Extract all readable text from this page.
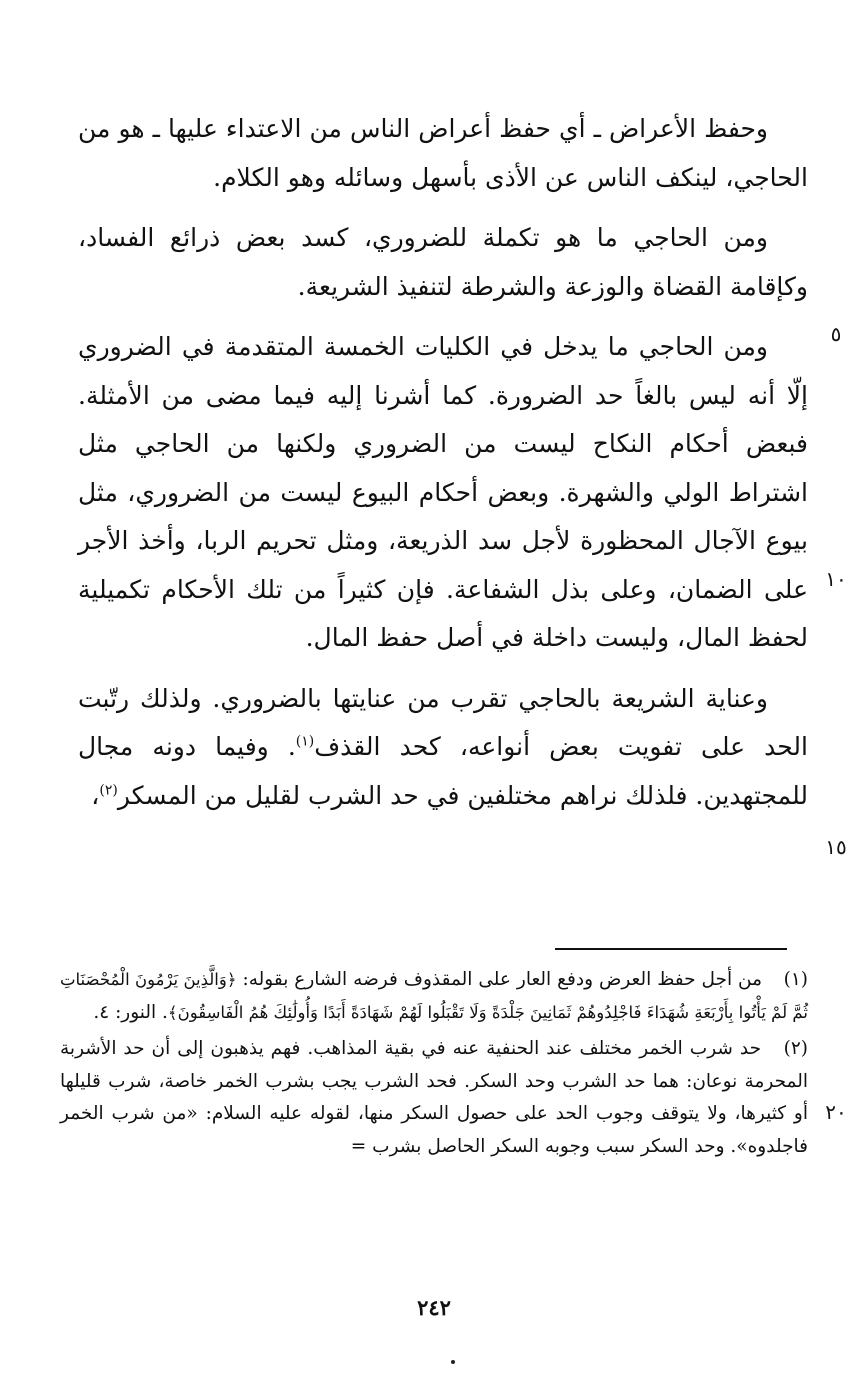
وحفظ الأعراض ـ أي حفظ أعراض الناس من الاعتداء عليها ـ هو من الحاجي، لينكف الناس عن الأذى بأسهل وسائله وهو الكلام.

ومن الحاجي ما هو تكملة للضروري، كسد بعض ذرائع الفساد، وكإقامة القضاة والوزعة والشرطة لتنفيذ الشريعة.

ومن الحاجي ما يدخل في الكليات الخمسة المتقدمة في الضروري إلّا أنه ليس بالغاً حد الضرورة. كما أشرنا إليه فيما مضى من الأمثلة. فبعض أحكام النكاح ليست من الضروري ولكنها من الحاجي مثل اشتراط الولي والشهرة. وبعض أحكام البيوع ليست من الضروري، مثل بيوع الآجال المحظورة لأجل سد الذريعة، ومثل تحريم الربا، وأخذ الأجر على الضمان، وعلى بذل الشفاعة. فإن كثيراً من تلك الأحكام تكميلية لحفظ المال، وليست داخلة في أصل حفظ المال.

وعناية الشريعة بالحاجي تقرب من عنايتها بالضروري. ولذلك رتّبت الحد على تفويت بعض أنواعه، كحد القذف$^{(١)}$. وفيما دونه مجال للمجتهدين. فلذلك نراهم مختلفين في حد الشرب لقليل من المسكر$^{(٢)}$،

٥
١٠
١٥
٢٠

(١) من أجل حفظ العرض ودفع العار على المقذوف فرضه الشارع بقوله: ﴿وَالَّذِينَ يَرْمُونَ الْمُحْصَنَاتِ ثُمَّ لَمْ يَأْتُوا بِأَرْبَعَةِ شُهَدَاءَ فَاجْلِدُوهُمْ ثَمَانِينَ جَلْدَةً وَلَا تَقْبَلُوا لَهُمْ شَهَادَةً أَبَدًا وَأُولَٰئِكَ هُمُ الْفَاسِقُونَ﴾. النور: ٤.

(٢) حد شرب الخمر مختلف عند الحنفية عنه في بقية المذاهب. فهم يذهبون إلى أن حد الأشربة المحرمة نوعان: هما حد الشرب وحد السكر. فحد الشرب يجب بشرب الخمر خاصة، شرب قليلها أو كثيرها، ولا يتوقف وجوب الحد على حصول السكر منها، لقوله عليه السلام: «من شرب الخمر فاجلدوه». وحد السكر سبب وجوبه السكر الحاصل بشرب =

٢٤٢
